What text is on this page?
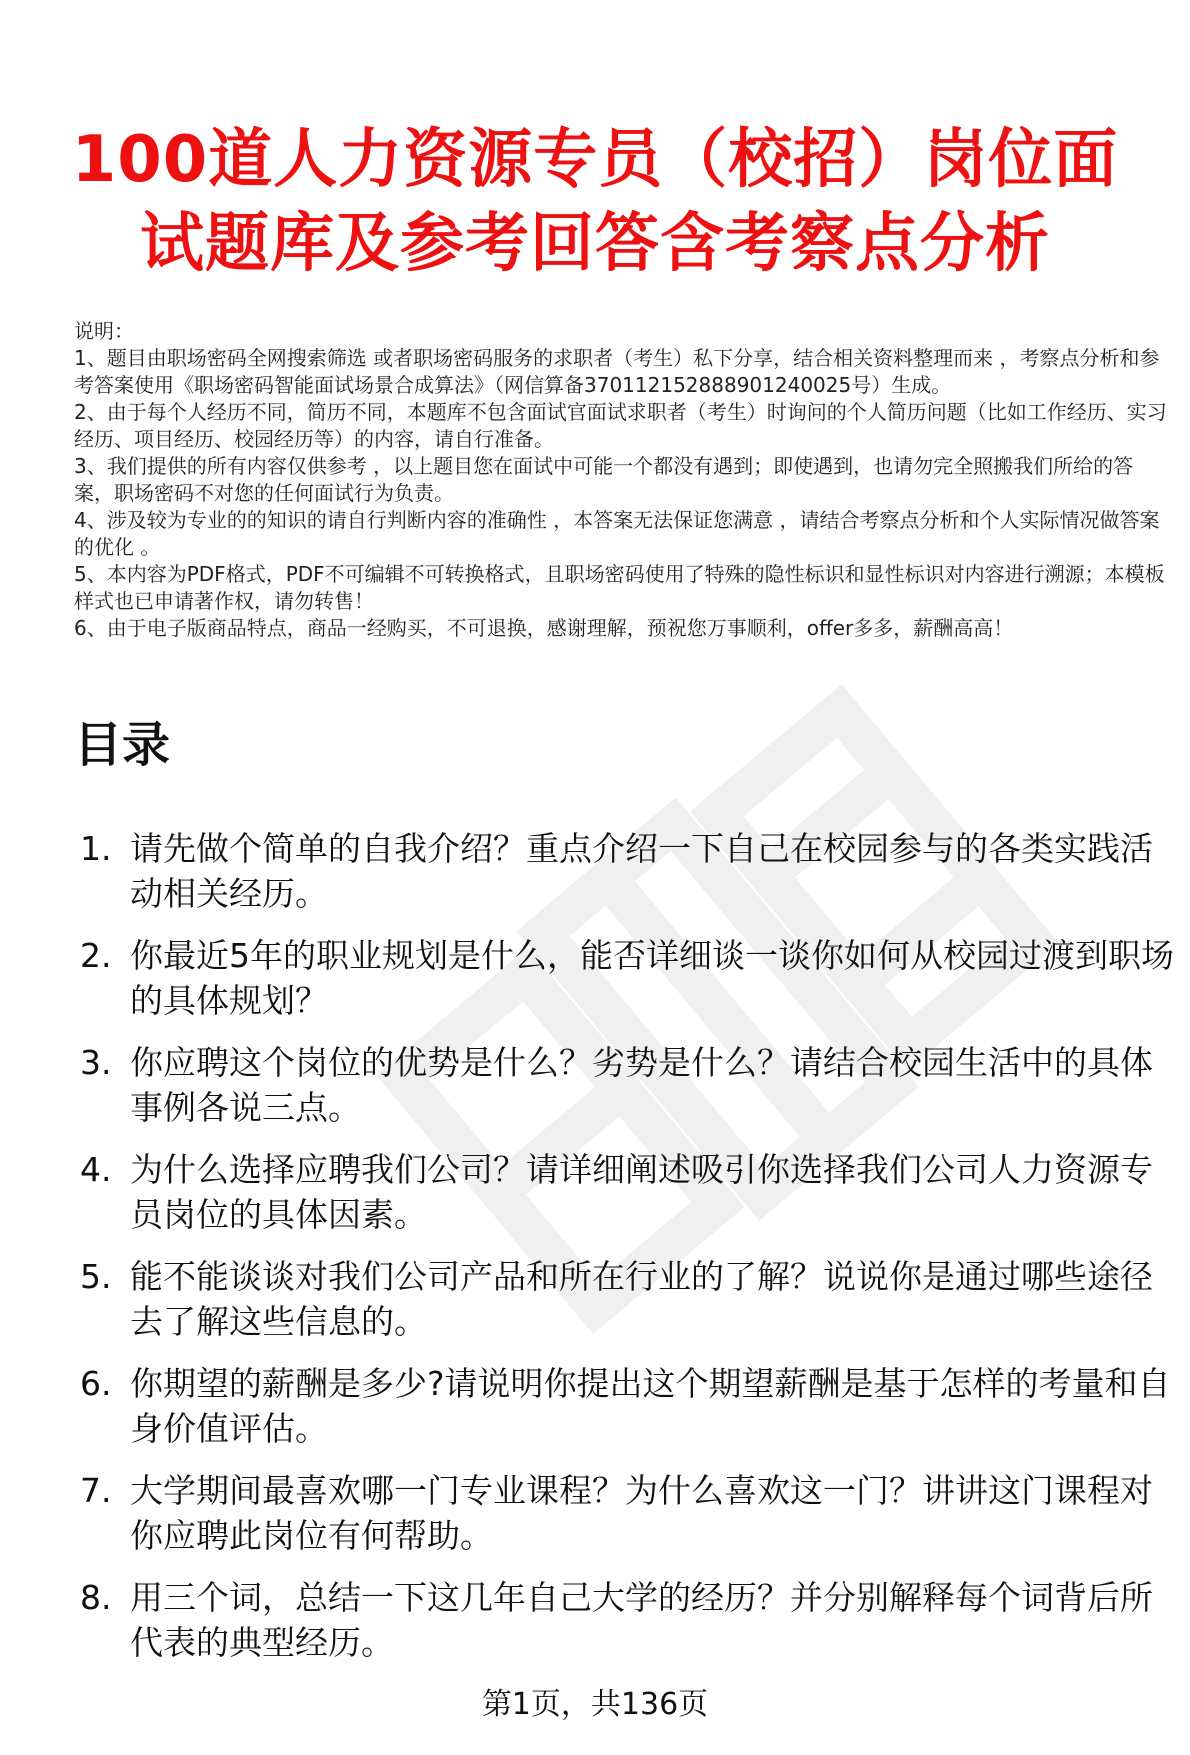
100道人力资源专员（校招）岗位面试题库及参考回答含考察点分析

说明：

1、题目由职场密码全网搜索筛选 或者职场密码服务的求职者（考生）私下分享，结合相关资料整理而来 ，考察点分析和参考答案使用《职场密码智能面试场景合成算法》（网信算备370112152888901240025号）生成。

2、由于每个人经历不同，简历不同，本题库不包含面试官面试求职者（考生）时询问的个人简历问题（比如工作经历、实习经历、项目经历、校园经历等）的内容，请自行准备。

3、我们提供的所有内容仅供参考 ，以上题目您在面试中可能一个都没有遇到；即使遇到，也请勿完全照搬我们所给的答案，职场密码不对您的任何面试行为负责。

4、涉及较为专业的的知识的请自行判断内容的准确性 ，本答案无法保证您满意 ，请结合考察点分析和个人实际情况做答案的优化 。

5、本内容为PDF格式，PDF不可编辑不可转换格式，且职场密码使用了特殊的隐性标识和显性标识对内容进行溯源；本模板样式也已申请著作权，请勿转售！

6、由于电子版商品特点，商品一经购买，不可退换，感谢理解，预祝您万事顺利，offer多多，薪酬高高！

目录
1. 请先做个简单的自我介绍？重点介绍一下自己在校园参与的各类实践活动相关经历。
2. 你最近5年的职业规划是什么，能否详细谈一谈你如何从校园过渡到职场的具体规划？
3. 你应聘这个岗位的优势是什么？劣势是什么？请结合校园生活中的具体事例各说三点。
4. 为什么选择应聘我们公司？请详细阐述吸引你选择我们公司人力资源专员岗位的具体因素。
5. 能不能谈谈对我们公司产品和所在行业的了解？说说你是通过哪些途径去了解这些信息的。
6. 你期望的薪酬是多少?请说明你提出这个期望薪酬是基于怎样的考量和自身价值评估。
7. 大学期间最喜欢哪一门专业课程？为什么喜欢这一门？讲讲这门课程对你应聘此岗位有何帮助。
8. 用三个词，总结一下这几年自己大学的经历？并分别解释每个词背后所代表的典型经历。
第1页，共136页
